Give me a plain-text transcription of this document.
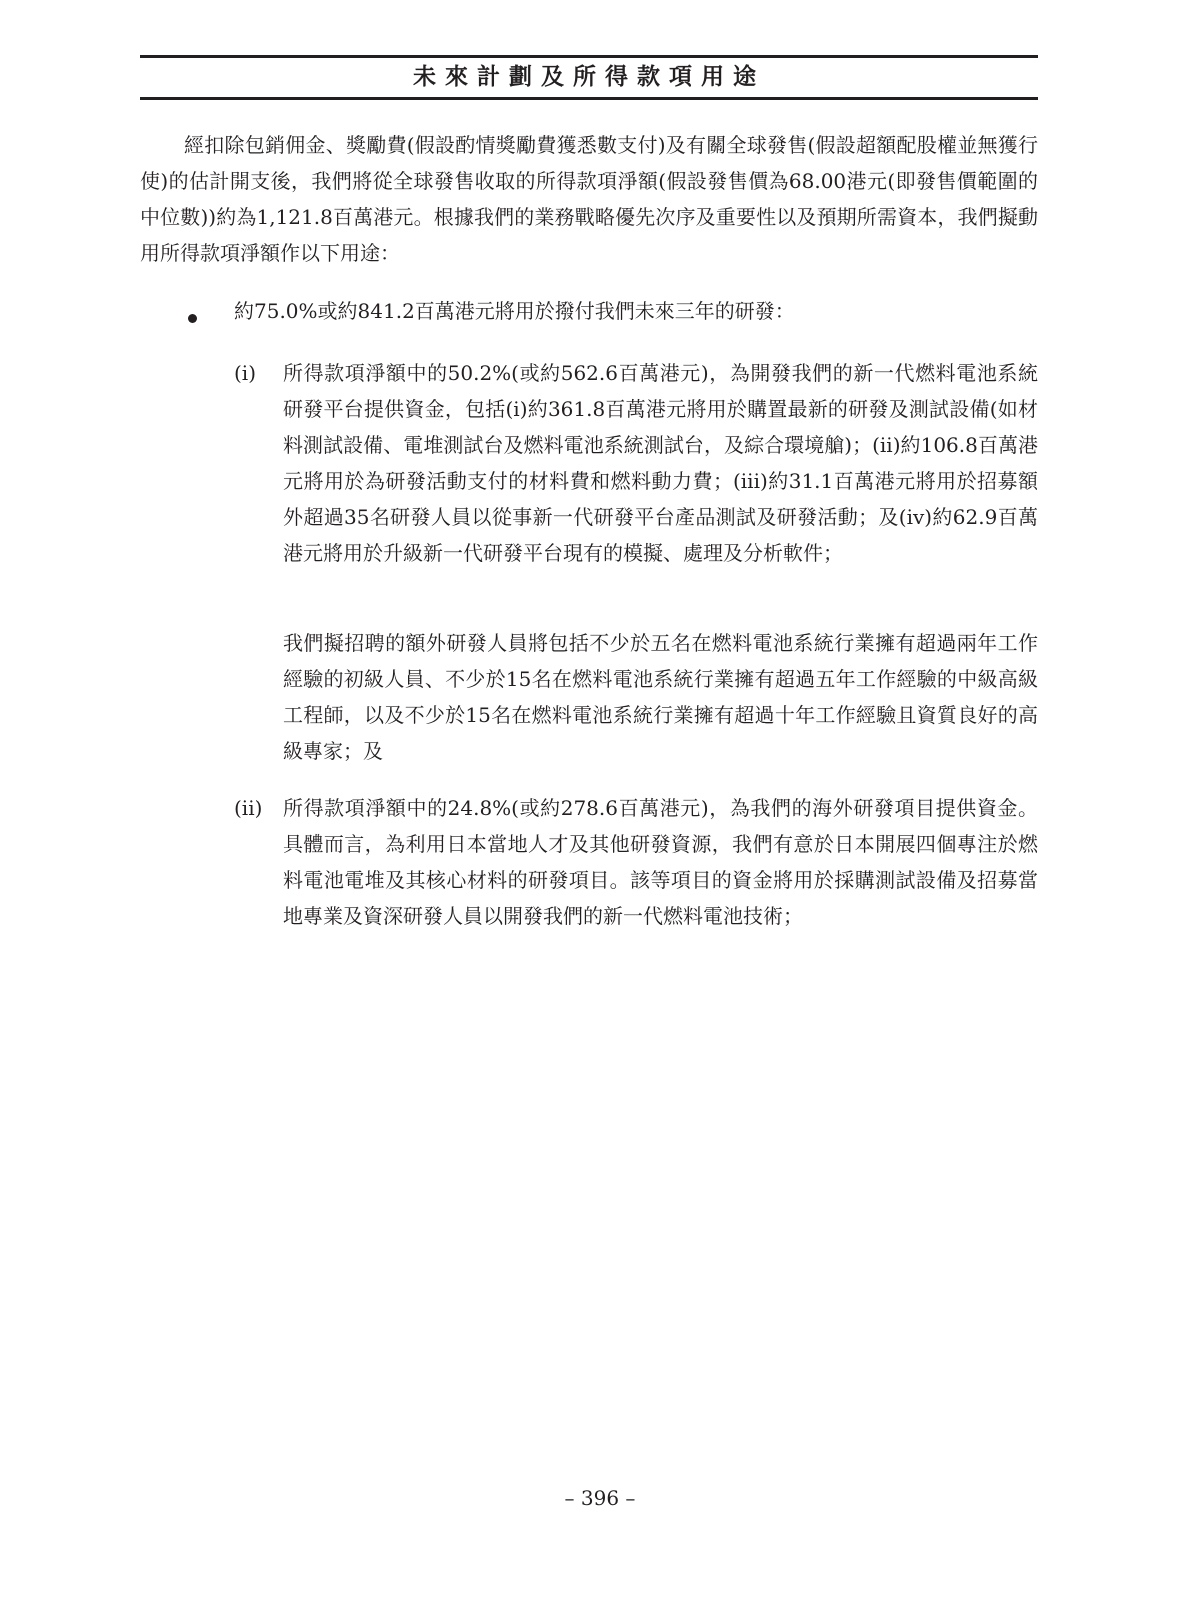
未來計劃及所得款項用途

經扣除包銷佣金、獎勵費(假設酌情獎勵費獲悉數支付)及有關全球發售(假設超額配股權並無獲行使)的估計開支後，我們將從全球發售收取的所得款項淨額(假設發售價為68.00港元(即發售價範圍的中位數))約為1,121.8百萬港元。根據我們的業務戰略優先次序及重要性以及預期所需資本，我們擬動用所得款項淨額作以下用途：

約75.0%或約841.2百萬港元將用於撥付我們未來三年的研發：

(i) 所得款項淨額中的50.2%(或約562.6百萬港元)，為開發我們的新一代燃料電池系統研發平台提供資金，包括(i)約361.8百萬港元將用於購置最新的研發及測試設備(如材料測試設備、電堆測試台及燃料電池系統測試台，及綜合環境艙)；(ii)約106.8百萬港元將用於為研發活動支付的材料費和燃料動力費；(iii)約31.1百萬港元將用於招募額外超過35名研發人員以從事新一代研發平台產品測試及研發活動；及(iv)約62.9百萬港元將用於升級新一代研發平台現有的模擬、處理及分析軟件；

我們擬招聘的額外研發人員將包括不少於五名在燃料電池系統行業擁有超過兩年工作經驗的初級人員、不少於15名在燃料電池系統行業擁有超過五年工作經驗的中級高級工程師，以及不少於15名在燃料電池系統行業擁有超過十年工作經驗且資質良好的高級專家；及

(ii) 所得款項淨額中的24.8%(或約278.6百萬港元)，為我們的海外研發項目提供資金。具體而言，為利用日本當地人才及其他研發資源，我們有意於日本開展四個專注於燃料電池電堆及其核心材料的研發項目。該等項目的資金將用於採購測試設備及招募當地專業及資深研發人員以開發我們的新一代燃料電池技術；

– 396 –
